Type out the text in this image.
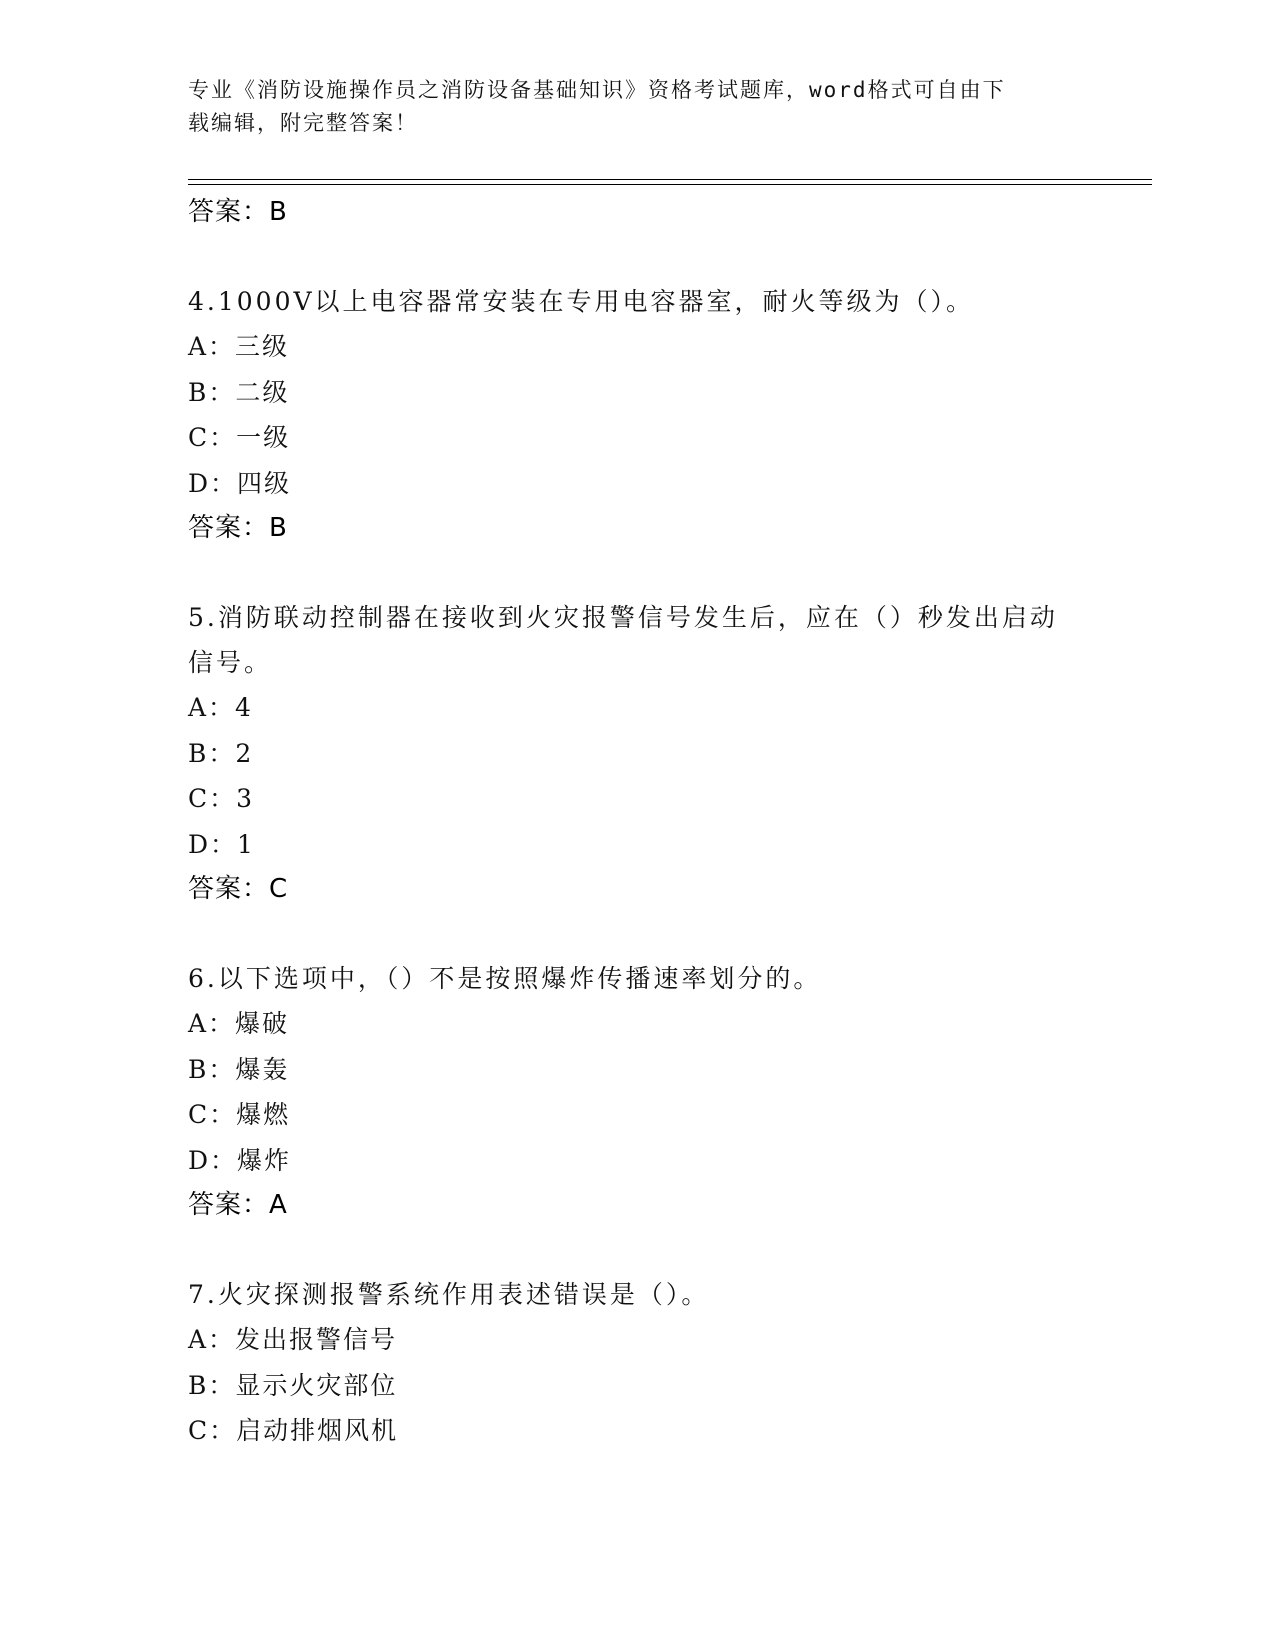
专业《消防设施操作员之消防设备基础知识》资格考试题库，word格式可自由下
载编辑，附完整答案！
答案：B
4.1000V以上电容器常安装在专用电容器室，耐火等级为（）。
A：三级
B：二级
C：一级
D：四级
答案：B
5.消防联动控制器在接收到火灾报警信号发生后，应在（）秒发出启动信号。
A：4
B：2
C：3
D：1
答案：C
6.以下选项中，（）不是按照爆炸传播速率划分的。
A：爆破
B：爆轰
C：爆燃
D：爆炸
答案：A
7.火灾探测报警系统作用表述错误是（）。
A：发出报警信号
B：显示火灾部位
C：启动排烟风机
